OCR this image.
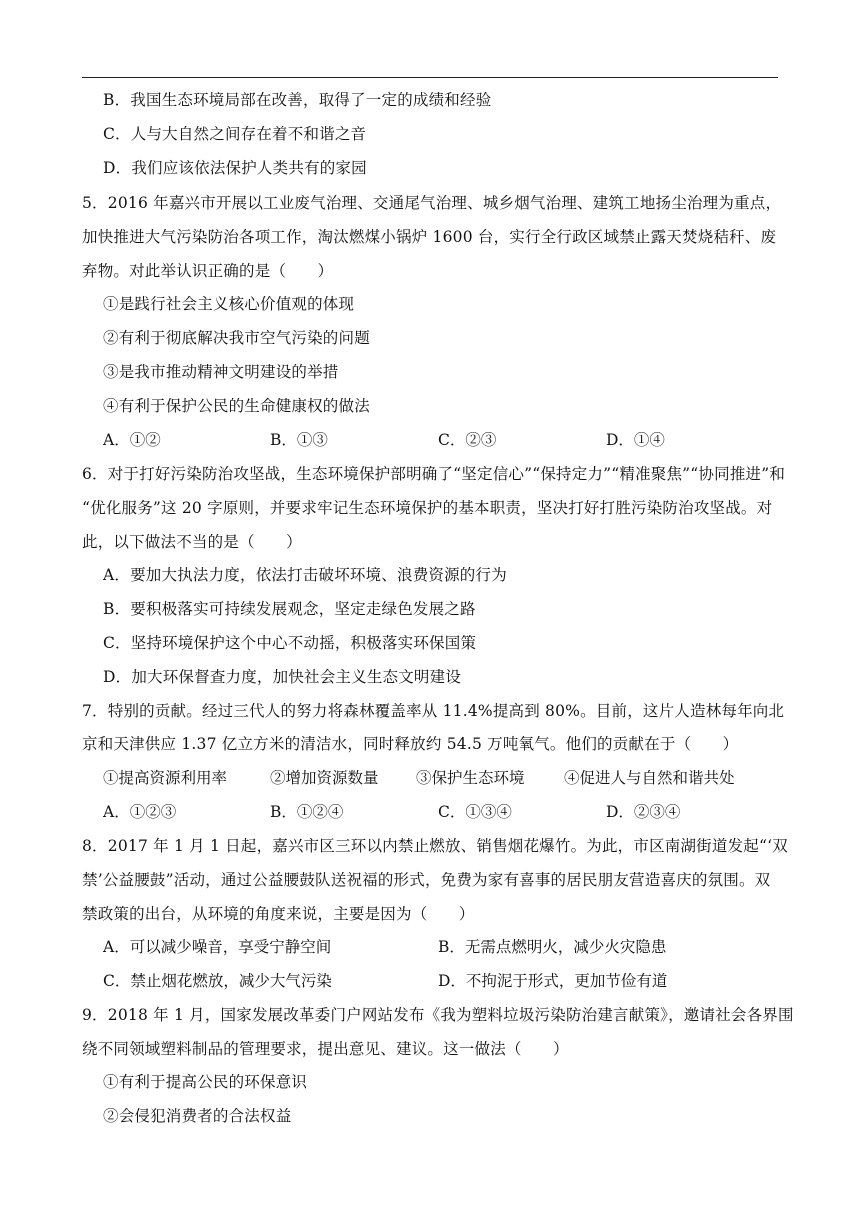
B．我国生态环境局部在改善，取得了一定的成绩和经验
C．人与大自然之间存在着不和谐之音
D．我们应该依法保护人类共有的家园
5．2016 年嘉兴市开展以工业废气治理、交通尾气治理、城乡烟气治理、建筑工地扬尘治理为重点，
加快推进大气污染防治各项工作，淘汰燃煤小锅炉 1600 台，实行全行政区域禁止露天焚烧秸秆、废
弃物。对此举认识正确的是（　　）
①是践行社会主义核心价值观的体现
②有利于彻底解决我市空气污染的问题
③是我市推动精神文明建设的举措
④有利于保护公民的生命健康权的做法
A．①②	B．①③	C．②③	D．①④
6．对于打好污染防治攻坚战，生态环境保护部明确了“坚定信心”“保持定力”“精准聚焦”“协同推进”和
“优化服务”这 20 字原则，并要求牢记生态环境保护的基本职责，坚决打好打胜污染防治攻坚战。对
此，以下做法不当的是（　　）
A．要加大执法力度，依法打击破坏环境、浪费资源的行为
B．要积极落实可持续发展观念，坚定走绿色发展之路
C．坚持环境保护这个中心不动摇，积极落实环保国策
D．加大环保督查力度，加快社会主义生态文明建设
7．特别的贡献。经过三代人的努力将森林覆盖率从 11.4%提高到 80%。目前，这片人造林每年向北
京和天津供应 1.37 亿立方米的清洁水，同时释放约 54.5 万吨氧气。他们的贡献在于（　　）
①提高资源利用率	②增加资源数量 ③保护生态环境	④促进人与自然和谐共处
A．①②③	B．①②④	C．①③④	D．②③④
8．2017 年 1 月 1 日起，嘉兴市区三环以内禁止燃放、销售烟花爆竹。为此，市区南湖街道发起“‘双
禁’公益腰鼓”活动，通过公益腰鼓队送祝福的形式，免费为家有喜事的居民朋友营造喜庆的氛围。双
禁政策的出台，从环境的角度来说，主要是因为（　　）
A．可以减少噪音，享受宁静空间	B．无需点燃明火，减少火灾隐患
C．禁止烟花燃放，减少大气污染	D．不拘泥于形式，更加节俭有道
9．2018 年 1 月，国家发展改革委门户网站发布《我为塑料垃圾污染防治建言献策》，邀请社会各界围
绕不同领域塑料制品的管理要求，提出意见、建议。这一做法（　　）
①有利于提高公民的环保意识
②会侵犯消费者的合法权益
